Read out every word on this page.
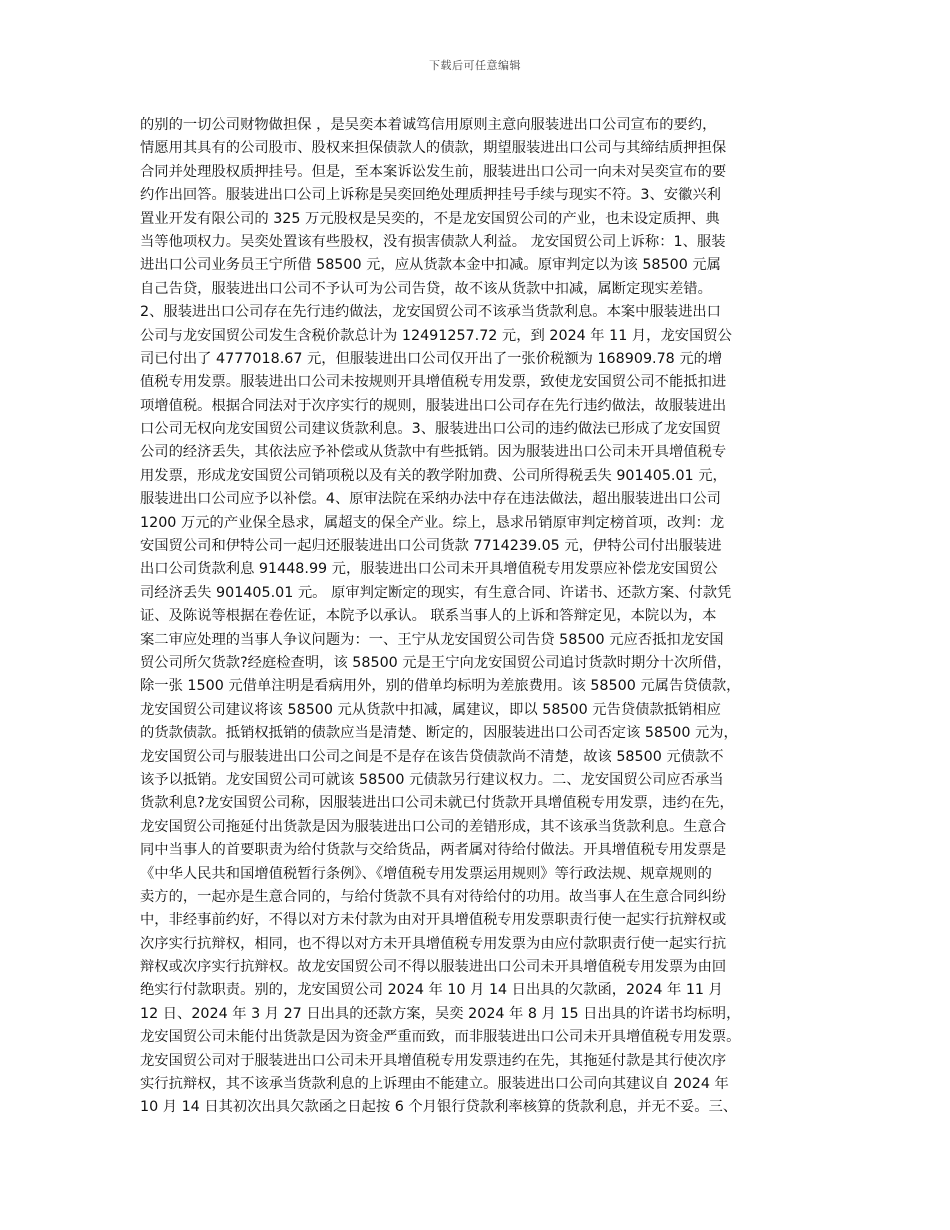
下载后可任意编辑
的别的一切公司财物做担保 ，是吴奕本着诚笃信用原则主意向服装进出口公司宣布的要约，
情愿用其具有的公司股市、股权来担保债款人的债款，期望服装进出口公司与其缔结质押担保
合同并处理股权质押挂号。但是，至本案诉讼发生前，服装进出口公司一向未对吴奕宣布的要
约作出回答。服装进出口公司上诉称是吴奕回绝处理质押挂号手续与现实不符。3、安徽兴利
置业开发有限公司的 325 万元股权是吴奕的，不是龙安国贸公司的产业，也未设定质押、典
当等他项权力。吴奕处置该有些股权，没有损害债款人利益。 龙安国贸公司上诉称：1、服装
进出口公司业务员王宁所借 58500 元，应从货款本金中扣减。原审判定以为该 58500 元属
自己告贷，服装进出口公司不予认可为公司告贷，故不该从货款中扣减，属断定现实差错。
2、服装进出口公司存在先行违约做法，龙安国贸公司不该承当货款利息。本案中服装进出口
公司与龙安国贸公司发生含税价款总计为 12491257.72 元，到 2024 年 11 月，龙安国贸公
司已付出了 4777018.67 元，但服装进出口公司仅开出了一张价税额为 168909.78 元的增
值税专用发票。服装进出口公司未按规则开具增值税专用发票，致使龙安国贸公司不能抵扣进
项增值税。根据合同法对于次序实行的规则，服装进出口公司存在先行违约做法，故服装进出
口公司无权向龙安国贸公司建议货款利息。3、服装进出口公司的违约做法已形成了龙安国贸
公司的经济丢失，其依法应予补偿或从货款中有些抵销。因为服装进出口公司未开具增值税专
用发票，形成龙安国贸公司销项税以及有关的教学附加费、公司所得税丢失 901405.01 元，
服装进出口公司应予以补偿。4、原审法院在采纳办法中存在违法做法，超出服装进出口公司
1200 万元的产业保全恳求，属超支的保全产业。综上，恳求吊销原审判定榜首项，改判：龙
安国贸公司和伊特公司一起归还服装进出口公司货款 7714239.05 元，伊特公司付出服装进
出口公司货款利息 91448.99 元，服装进出口公司未开具增值税专用发票应补偿龙安国贸公
司经济丢失 901405.01 元。 原审判定断定的现实，有生意合同、许诺书、还款方案、付款凭
证、及陈说等根据在卷佐证，本院予以承认。 联系当事人的上诉和答辩定见，本院以为，本
案二审应处理的当事人争议问题为：一、王宁从龙安国贸公司告贷 58500 元应否抵扣龙安国
贸公司所欠货款?经庭检查明，该 58500 元是王宁向龙安国贸公司追讨货款时期分十次所借，
除一张 1500 元借单注明是看病用外，别的借单均标明为差旅费用。该 58500 元属告贷债款，
龙安国贸公司建议将该 58500 元从货款中扣减，属建议，即以 58500 元告贷债款抵销相应
的货款债款。抵销权抵销的债款应当是清楚、断定的，因服装进出口公司否定该 58500 元为，
龙安国贸公司与服装进出口公司之间是不是存在该告贷债款尚不清楚，故该 58500 元债款不
该予以抵销。龙安国贸公司可就该 58500 元债款另行建议权力。二、龙安国贸公司应否承当
货款利息?龙安国贸公司称，因服装进出口公司未就已付货款开具增值税专用发票，违约在先，
龙安国贸公司拖延付出货款是因为服装进出口公司的差错形成，其不该承当货款利息。生意合
同中当事人的首要职责为给付货款与交给货品，两者属对待给付做法。开具增值税专用发票是
《中华人民共和国增值税暂行条例》、《增值税专用发票运用规则》等行政法规、规章规则的
卖方的，一起亦是生意合同的，与给付货款不具有对待给付的功用。故当事人在生意合同纠纷
中，非经事前约好，不得以对方未付款为由对开具增值税专用发票职责行使一起实行抗辩权或
次序实行抗辩权，相同，也不得以对方未开具增值税专用发票为由应付款职责行使一起实行抗
辩权或次序实行抗辩权。故龙安国贸公司不得以服装进出口公司未开具增值税专用发票为由回
绝实行付款职责。别的，龙安国贸公司 2024 年 10 月 14 日出具的欠款函，2024 年 11 月
12 日、2024 年 3 月 27 日出具的还款方案，吴奕 2024 年 8 月 15 日出具的许诺书均标明，
龙安国贸公司未能付出货款是因为资金严重而致，而非服装进出口公司未开具增值税专用发票。
龙安国贸公司对于服装进出口公司未开具增值税专用发票违约在先，其拖延付款是其行使次序
实行抗辩权，其不该承当货款利息的上诉理由不能建立。服装进出口公司向其建议自 2024 年
10 月 14 日其初次出具欠款函之日起按 6 个月银行贷款利率核算的货款利息，并无不妥。三、
